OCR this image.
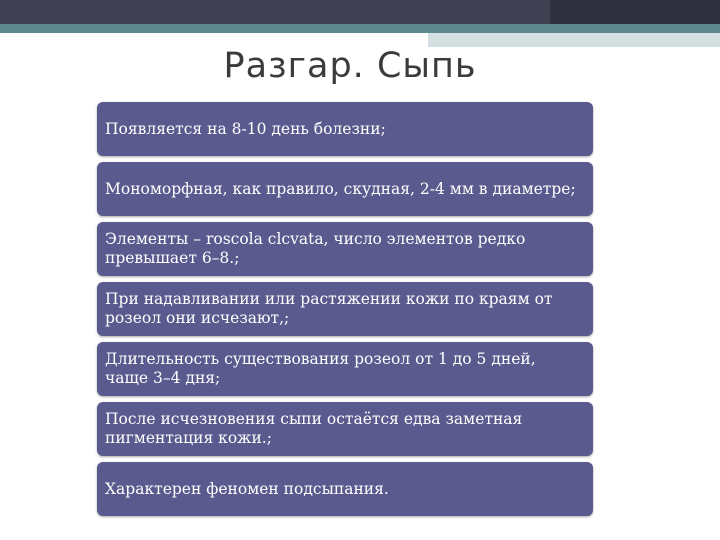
Разгар. Сыпь
Появляется на 8-10 день болезни;
Мономорфная, как правило, скудная, 2-4 мм в диаметре;
Элементы – roscola clcvata, число элементов редко превышает 6–8.;
При надавливании или растяжении кожи по краям от розеол они исчезают,;
Длительность существования розеол от 1 до 5 дней, чаще 3–4 дня;
После исчезновения сыпи остаётся едва заметная пигментация кожи.;
Характерен феномен подсыпания.
